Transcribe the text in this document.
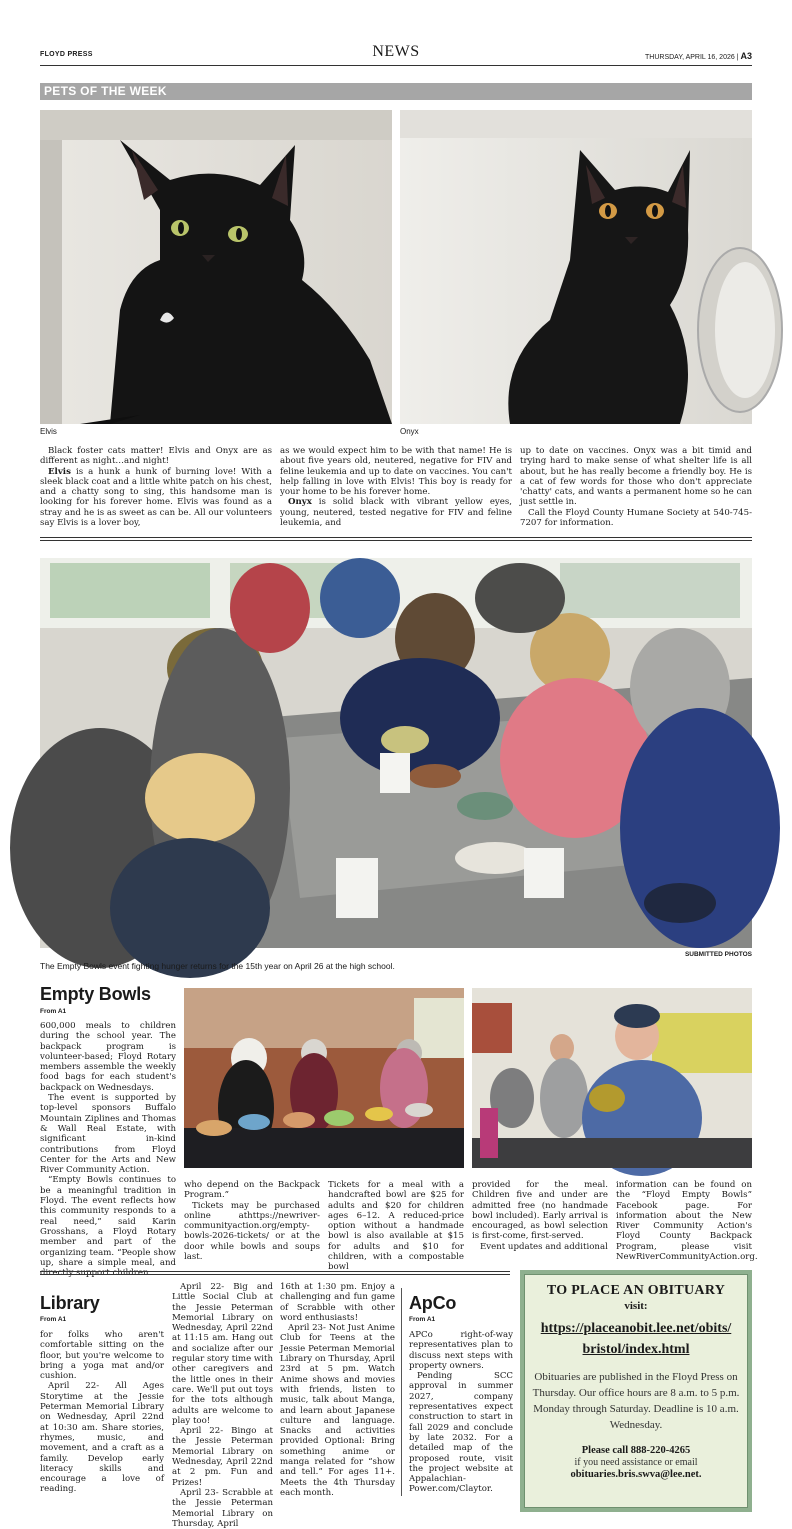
FLOYD PRESS	NEWS	THURSDAY, APRIL 16, 2026 | A3
PETS OF THE WEEK
Elvis	Onyx

Black foster cats matter! Elvis and Onyx are as different as night…and night!

Elvis is a hunk a hunk of burning love! With a sleek black coat and a little white patch on his chest, and a chatty song to sing, this handsome man is looking for his forever home. Elvis was found as a stray and he is as sweet as can be. All our volunteers say Elvis is a lover boy,

as we would expect him to be with that name! He is about five years old, neutered, negative for FIV and feline leukemia and up to date on vaccines. You can't help falling in love with Elvis! This boy is ready for your home to be his forever home.

Onyx is solid black with vibrant yellow eyes, young, neutered, tested negative for FIV and feline leukemia, and

up to date on vaccines. Onyx was a bit timid and trying hard to make sense of what shelter life is all about, but he has really become a friendly boy. He is a cat of few words for those who don't appreciate 'chatty' cats, and wants a permanent home so he can just settle in.

Call the Floyd County Humane Society at 540-745-7207 for information.

The Empty Bowls event fighting hunger returns for the 15th year on April 26 at the high school.
SUBMITTED PHOTOS
Empty Bowls
From A1

600,000 meals to children during the school year. The backpack program is volunteer-based; Floyd Rotary members assemble the weekly food bags for each student's backpack on Wednesdays.

The event is supported by top-level sponsors Buffalo Mountain Ziplines and Thomas & Wall Real Estate, with significant in-kind contributions from Floyd Center for the Arts and New River Community Action.

“Empty Bowls continues to be a meaningful tradition in Floyd. The event reflects how this community responds to a real need,” said Karin Grosshans, a Floyd Rotary member and part of the organizing team. “People show up, share a simple meal, and directly support children

who depend on the Backpack Program.”

Tickets may be purchased online athttps://newriver-communityaction.org/empty-bowls-2026-tickets/ or at the door while bowls and soups last.

Tickets for a meal with a handcrafted bowl are $25 for adults and $20 for children ages 6–12. A reduced-price option without a handmade bowl is also available at $15 for adults and $10 for children, with a compostable bowl

provided for the meal. Children five and under are admitted free (no handmade bowl included). Early arrival is encouraged, as bowl selection is first-come, first-served.

Event updates and additional

information can be found on the “Floyd Empty Bowls” Facebook page. For information about the New River Community Action's Floyd County Backpack Program, please visit NewRiverCommunityAction.org.

Library
From A1

for folks who aren't comfortable sitting on the floor, but you're welcome to bring a yoga mat and/or cushion.

April 22- All Ages Storytime at the Jessie Peterman Memorial Library on Wednesday, April 22nd at 10:30 am. Share stories, rhymes, music, and movement, and a craft as a family. Develop early literacy skills and encourage a love of reading.

April 22- Big and Little Social Club at the Jessie Peterman Memorial Library on Wednesday, April 22nd at 11:15 am. Hang out and socialize after our regular story time with other caregivers and the little ones in their care. We'll put out toys for the tots although adults are welcome to play too!

April 22- Bingo at the Jessie Peterman Memorial Library on Wednesday, April 22nd at 2 pm. Fun and Prizes!

April 23- Scrabble at the Jessie Peterman Memorial Library on Thursday, April

16th at 1:30 pm. Enjoy a challenging and fun game of Scrabble with other word enthusiasts!

April 23- Not Just Anime Club for Teens at the Jessie Peterman Memorial Library on Thursday, April 23rd at 5 pm. Watch Anime shows and movies with friends, listen to music, talk about Manga, and learn about Japanese culture and language. Snacks and activities provided Optional: Bring something anime or manga related for “show and tell.” For ages 11+. Meets the 4th Thursday each month.

ApCo
From A1

APCo right-of-way representatives plan to discuss next steps with property owners.

Pending SCC approval in summer 2027, company representatives expect construction to start in fall 2029 and conclude by late 2032. For a detailed map of the proposed route, visit the project website at Appalachian-Power.com/Claytor.

TO PLACE AN OBITUARY
visit:
https://placeanobit.lee.net/obits/
bristol/index.html
Obituaries are published in the Floyd Press on Thursday. Our office hours are 8 a.m. to 5 p.m. Monday through Saturday. Deadline is 10 a.m. Wednesday.
Please call 888-220-4265
if you need assistance or email
obituaries.bris.swva@lee.net.
